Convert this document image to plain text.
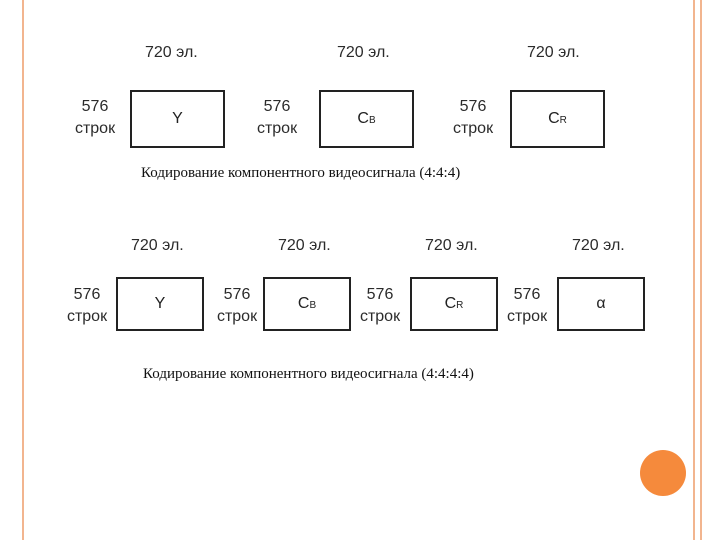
720 эл.	720 эл.	720 эл.
576
строк
Y
576
строк
$C_B$
576
строк
$C_R$
Кодирование компонентного видеосигнала (4:4:4)
720 эл.	720 эл.	720 эл.	720 эл.
576
строк
Y
576
строк
$C_B$
576
строк
$C_R$
576
строк
α
Кодирование компонентного видеосигнала (4:4:4:4)
